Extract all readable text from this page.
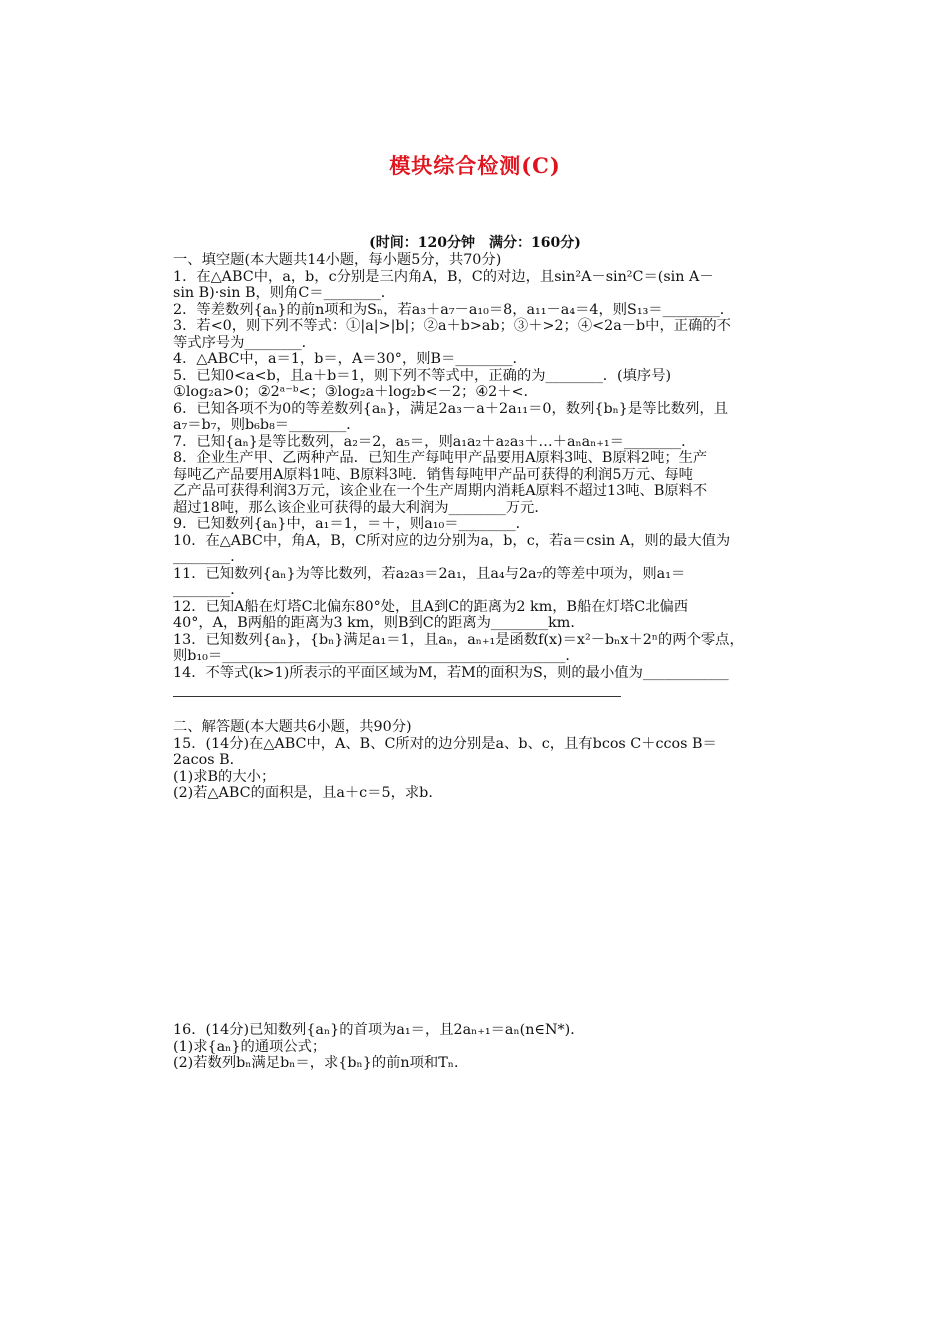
模块综合检测(C)
(时间：120分钟　满分：160分)

一、填空题(本大题共14小题，每小题5分，共70分)

1．在△ABC中，a，b，c分别是三内角A，B，C的对边，且sin²A－sin²C＝(sin A－

sin B)·sin B，则角C＝________．

2．等差数列{aₙ}的前n项和为Sₙ，若a₃＋a₇－a₁₀＝8，a₁₁－a₄＝4，则S₁₃＝________．

3．若<0，则下列不等式：①|a|>|b|；②a＋b>ab；③＋>2；④<2a－b中，正确的不

等式序号为________．

4．△ABC中，a＝1，b＝，A＝30°，则B＝________．

5．已知0<a<b，且a＋b＝1，则下列不等式中，正确的为________．(填序号)

①log₂a>0；②2ᵃ⁻ᵇ<；③log₂a＋log₂b<－2；④2＋<．

6．已知各项不为0的等差数列{aₙ}，满足2a₃－a＋2a₁₁＝0，数列{bₙ}是等比数列，且

a₇＝b₇，则b₆b₈＝________．

7．已知{aₙ}是等比数列，a₂＝2，a₅＝，则a₁a₂＋a₂a₃＋…＋aₙaₙ₊₁＝________．

8．企业生产甲、乙两种产品．已知生产每吨甲产品要用A原料3吨、B原料2吨；生产

每吨乙产品要用A原料1吨、B原料3吨．销售每吨甲产品可获得的利润5万元、每吨

乙产品可获得利润3万元，该企业在一个生产周期内消耗A原料不超过13吨、B原料不

超过18吨，那么该企业可获得的最大利润为________万元．

9．已知数列{aₙ}中，a₁＝1，＝＋，则a₁₀＝________．

10．在△ABC中，角A，B，C所对应的边分别为a，b，c，若a＝csin A，则的最大值为

________．

11．已知数列{aₙ}为等比数列，若a₂a₃＝2a₁，且a₄与2a₇的等差中项为，则a₁＝

________．

12．已知A船在灯塔C北偏东80°处，且A到C的距离为2 km，B船在灯塔C北偏西

40°，A，B两船的距离为3 km，则B到C的距离为________km．

13．已知数列{aₙ}，{bₙ}满足a₁＝1，且aₙ，aₙ₊₁是函数f(x)＝x²－bₙx＋2ⁿ的两个零点，

则b₁₀＝________________________________________________．

14．不等式(k>1)所表示的平面区域为M，若M的面积为S，则的最小值为____________

二、解答题(本大题共6小题，共90分)

15．(14分)在△ABC中，A、B、C所对的边分别是a、b、c，且有bcos C＋ccos B＝

2acos B．

(1)求B的大小；

(2)若△ABC的面积是，且a＋c＝5，求b．

16．(14分)已知数列{aₙ}的首项为a₁＝，且2aₙ₊₁＝aₙ(n∈N*)．

(1)求{aₙ}的通项公式；

(2)若数列bₙ满足bₙ＝，求{bₙ}的前n项和Tₙ．
